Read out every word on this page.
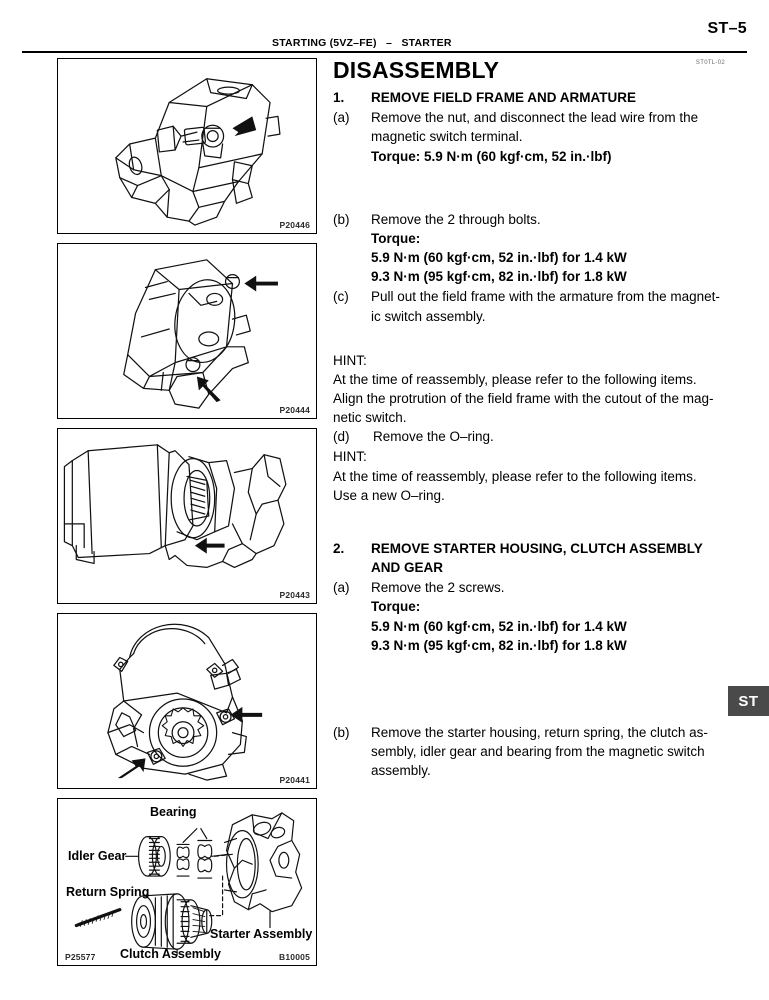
ST–5
STARTING (5VZ–FE)   –   STARTER
P20446
P20444
P20443
P20441
Bearing
Idler Gear
Return Spring
Clutch Assembly
Starter Assembly
P25577	B10005
ST0TL-02
DISASSEMBLY
1.	REMOVE FIELD FRAME AND ARMATURE
(a)	Remove the nut, and disconnect the lead wire from the
magnetic switch terminal.
Torque: 5.9 N·m (60 kgf·cm, 52 in.·lbf)
(b)	Remove the 2 through bolts.
Torque:
5.9 N·m (60 kgf·cm, 52 in.·lbf) for 1.4 kW
9.3 N·m (95 kgf·cm, 82 in.·lbf) for 1.8 kW
(c)	Pull out the field frame with the armature from the magnet-
ic switch assembly.
HINT:
At the time of reassembly, please refer to the following items.
Align the protrution of the field frame with the cutout of the mag-
netic switch.
(d)	Remove the O–ring.
HINT:
At the time of reassembly, please refer to the following items.
Use a new O–ring.
2.	REMOVE STARTER HOUSING, CLUTCH ASSEMBLY
AND GEAR
(a)	Remove the 2 screws.
Torque:
5.9 N·m (60 kgf·cm, 52 in.·lbf) for 1.4 kW
9.3 N·m (95 kgf·cm, 82 in.·lbf) for 1.8 kW
(b)	Remove the starter housing, return spring, the clutch as-
sembly, idler gear and bearing from the magnetic switch
assembly.
ST
